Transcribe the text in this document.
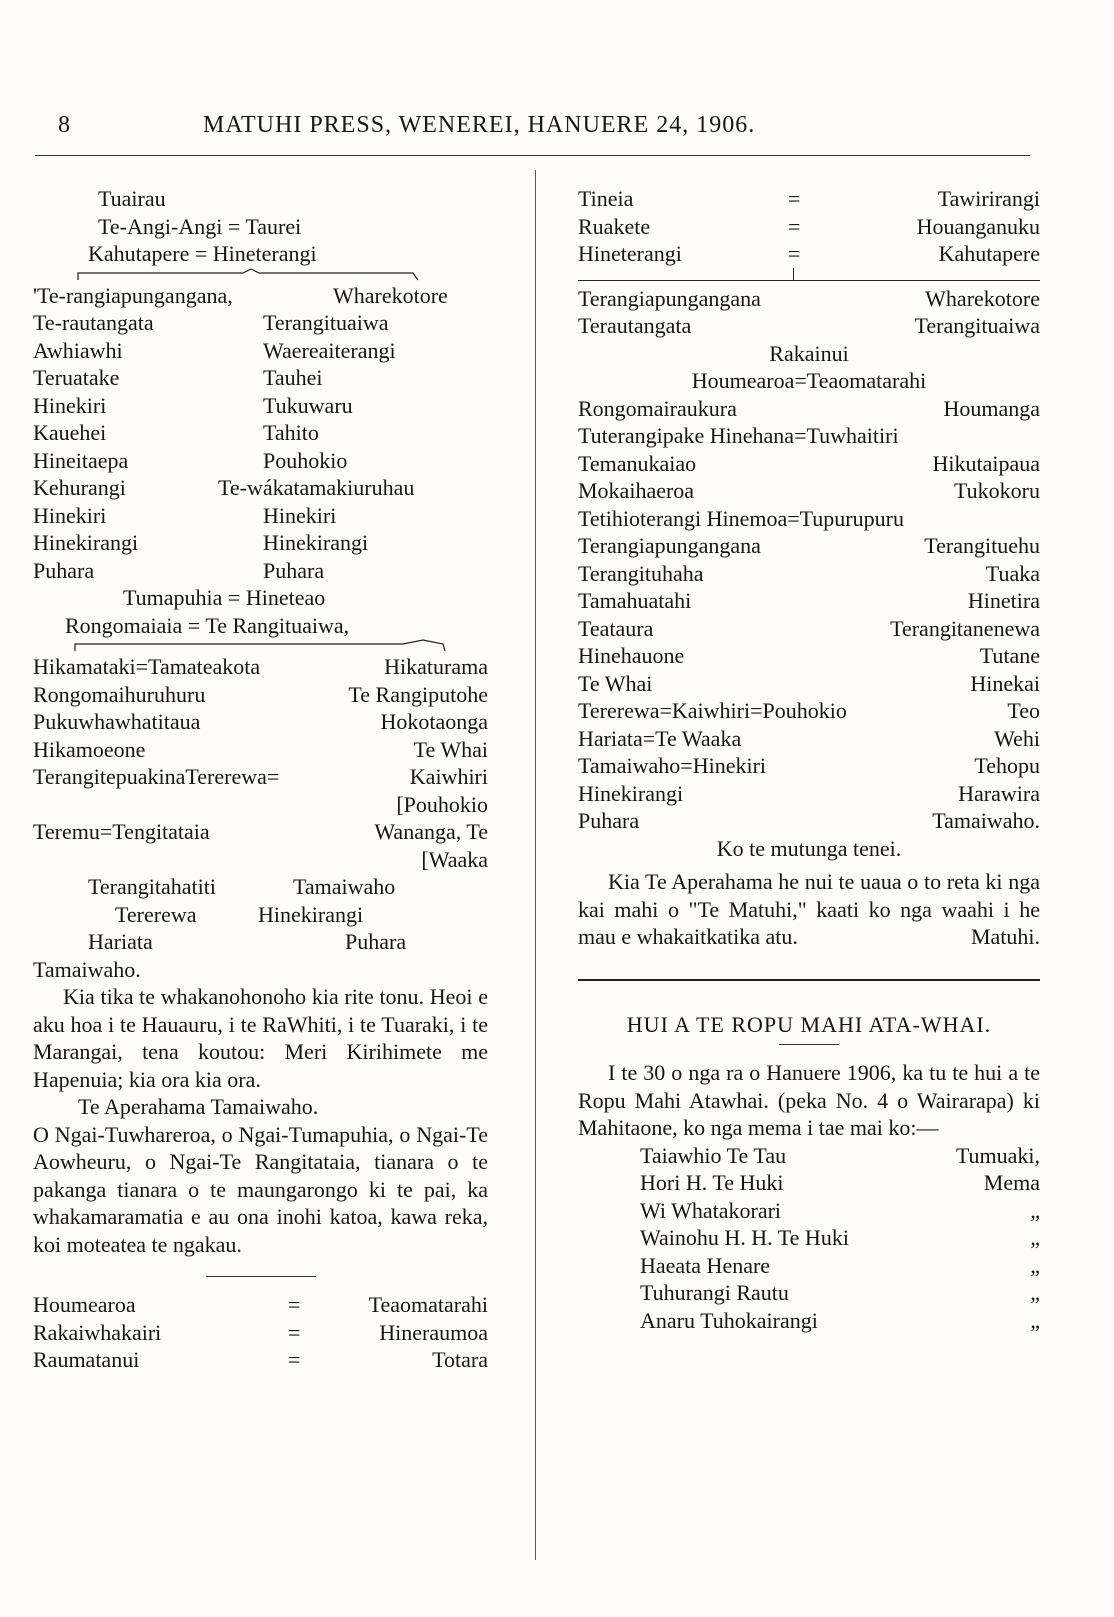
8	MATUHI PRESS, WENEREI, HANUERE 24, 1906.
Tuairau
Te-Angi-Angi = Taurei
Kahutapere = Hineterangi
'Te-rangiapungangana,	Wharekotore
Te-rautangata	Terangituaiwa
Awhiawhi	Waereaiterangi
Teruatake	Tauhei
Hinekiri	Tukuwaru
Kauehei	Tahito
Hineitaepa	Pouhokio
Kehurangi	Te-wákatamakiuruhau
Hinekiri	Hinekiri
Hinekirangi	Hinekirangi
Puhara	Puhara
Tumapuhia = Hineteao
Rongomaiaia = Te Rangituaiwa,
Hikamataki=Tamateakota	Hikaturama
Rongomaihuruhuru	Te Rangiputohe
Pukuwhawhatitaua	Hokotaonga
Hikamoeone	Te Whai
TerangitepuakinaTererewa=	Kaiwhiri
[Pouhokio
Teremu=Tengitataia	Wananga, Te
[Waaka
Terangitahatiti	Tamaiwaho
Tererewa	Hinekirangi
Hariata	Puhara
Tamaiwaho.
Kia tika te whakanohonoho kia rite tonu. Heoi e aku hoa i te Hauauru, i te RaWhiti, i te Tuaraki, i te Marangai, tena koutou: Meri Kirihimete me Hapenuia; kia ora kia ora.
Te Aperahama Tamaiwaho.
O Ngai-Tuwhareroa, o Ngai-Tumapuhia, o Ngai-Te Aowheuru, o Ngai-Te Rangitataia, tianara o te pakanga tianara o te maungarongo ki te pai, ka whakamaramatia e au ona inohi katoa, kawa reka, koi moteatea te ngakau.
Houmearoa	=	Teaomatarahi
Rakaiwhakairi	=	Hineraumoa
Raumatanui	=	Totara
Tineia	=	Tawirirangi
Ruakete	=	Houanganuku
Hineterangi	=	Kahutapere
Terangiapungangana	Wharekotore
Terautangata	Terangituaiwa
Rakainui
Houmearoa=Teaomatarahi
Rongomairaukura	Houmanga
Tuterangipake Hinehana=Tuwhaitiri
Temanukaiao	Hikutaipaua
Mokaihaeroa	Tukokoru
Tetihioterangi Hinemoa=Tupurupuru
Terangiapungangana	Terangituehu
Terangituhaha	Tuaka
Tamahuatahi	Hinetira
Teataura	Terangitanenewa
Hinehauone	Tutane
Te Whai	Hinekai
Tererewa=Kaiwhiri=Pouhokio	Teo
Hariata=Te Waaka	Wehi
Tamaiwaho=Hinekiri	Tehopu
Hinekirangi	Harawira
Puhara	Tamaiwaho.
Ko te mutunga tenei.
Kia Te Aperahama he nui te uaua o to reta ki nga kai mahi o "Te Matuhi," kaati ko nga waahi i he mau e whakaitkatika atu.	Matuhi.
HUI A TE ROPU MAHI ATA-WHAI.
I te 30 o nga ra o Hanuere 1906, ka tu te hui a te Ropu Mahi Atawhai. (peka No. 4 o Wairarapa) ki Mahitaone, ko nga mema i tae mai ko:—
Taiawhio Te Tau	Tumuaki,
Hori H. Te Huki	Mema
Wi Whatakorari	„
Wainohu H. H. Te Huki	„
Haeata Henare	„
Tuhurangi Rautu	„
Anaru Tuhokairangi	„
